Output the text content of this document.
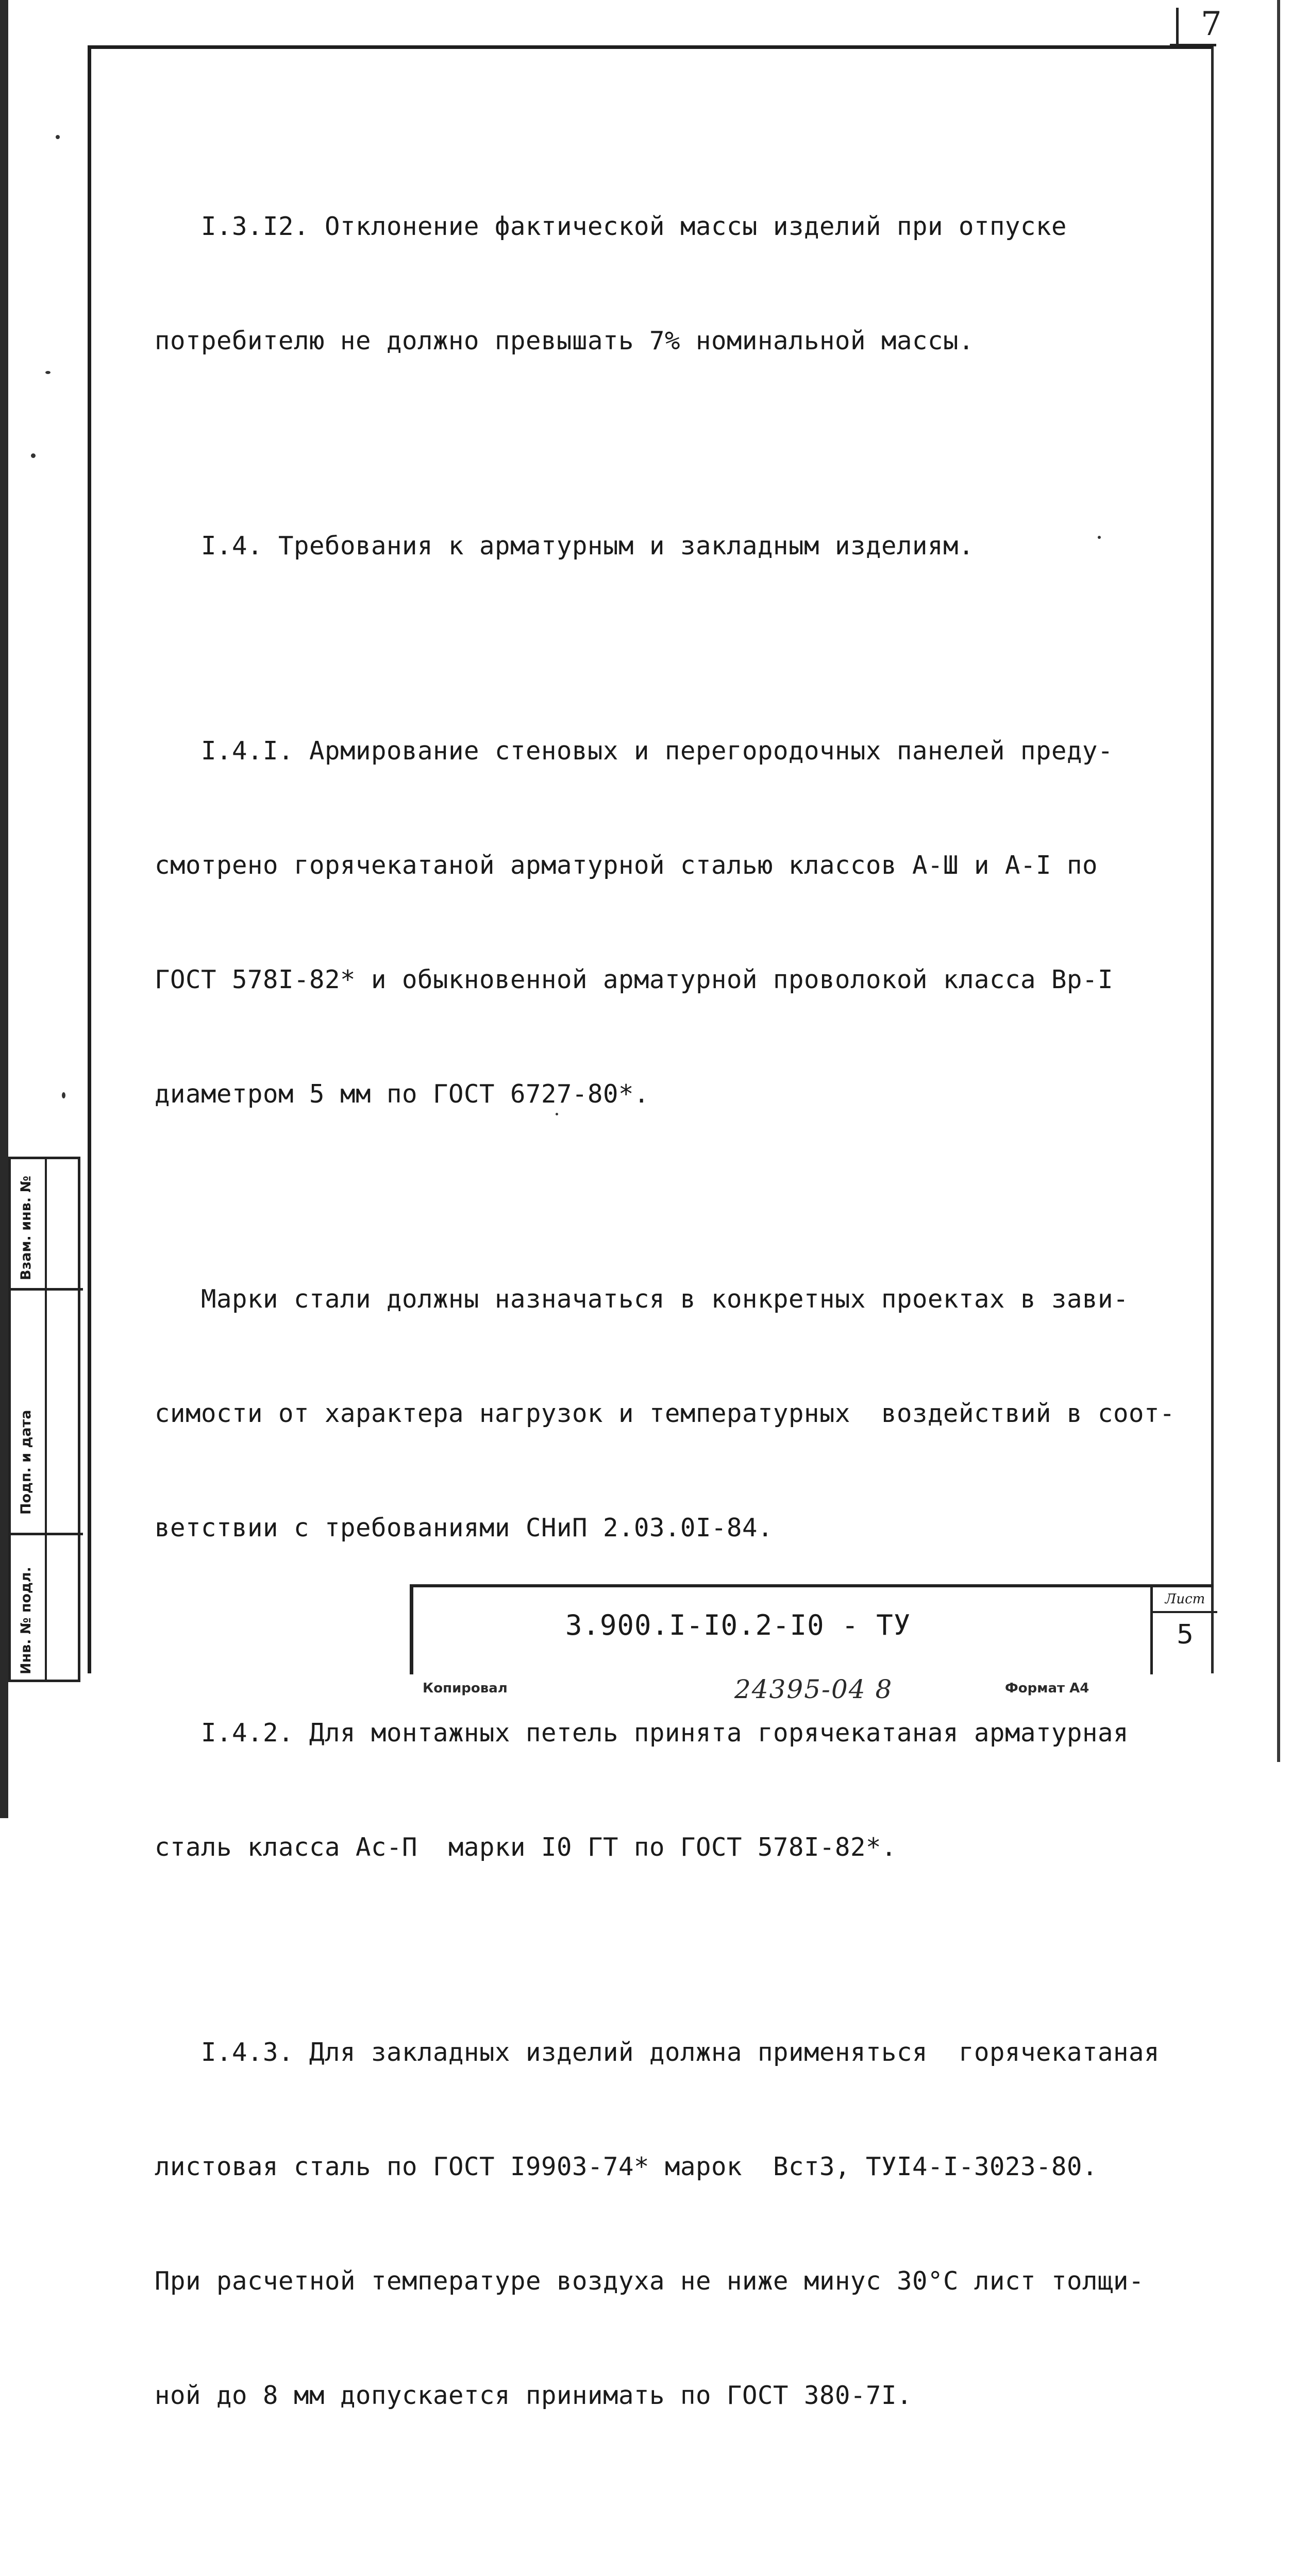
7

I.3.I2. Отклонение фактической массы изделий при отпуске

потребителю не должно превышать 7% номинальной массы.

I.4. Требования к арматурным и закладным изделиям.

I.4.I. Армирование стеновых и перегородочных панелей преду-

смотрено горячекатаной арматурной сталью классов A-Ш и A-I по

ГОСТ 578I-82* и обыкновенной арматурной проволокой класса Вр-I

диаметром 5 мм по ГОСТ 6727-80*.

Марки стали должны назначаться в конкретных проектах в зави-

симости от характера нагрузок и температурных  воздействий в соот-

ветствии с требованиями СНиП 2.03.0I-84.

I.4.2. Для монтажных петель принята горячекатаная арматурная

сталь класса Ас-П  марки I0 ГТ по ГОСТ 578I-82*.

I.4.3. Для закладных изделий должна применяться  горячекатаная

листовая сталь по ГОСТ I9903-74* марок  ВстЗ, ТУI4-I-3023-80.

При расчетной температуре воздуха не ниже минус 30°С лист толщи-

ной до 8 мм допускается принимать по ГОСТ 380-7I.

Инв. № подл.
Подп. и дата
Взам. инв. №
3.900.I-I0.2-I0 - ТУ
Лист
5
Копировал	24395-04 8	Формат А4
